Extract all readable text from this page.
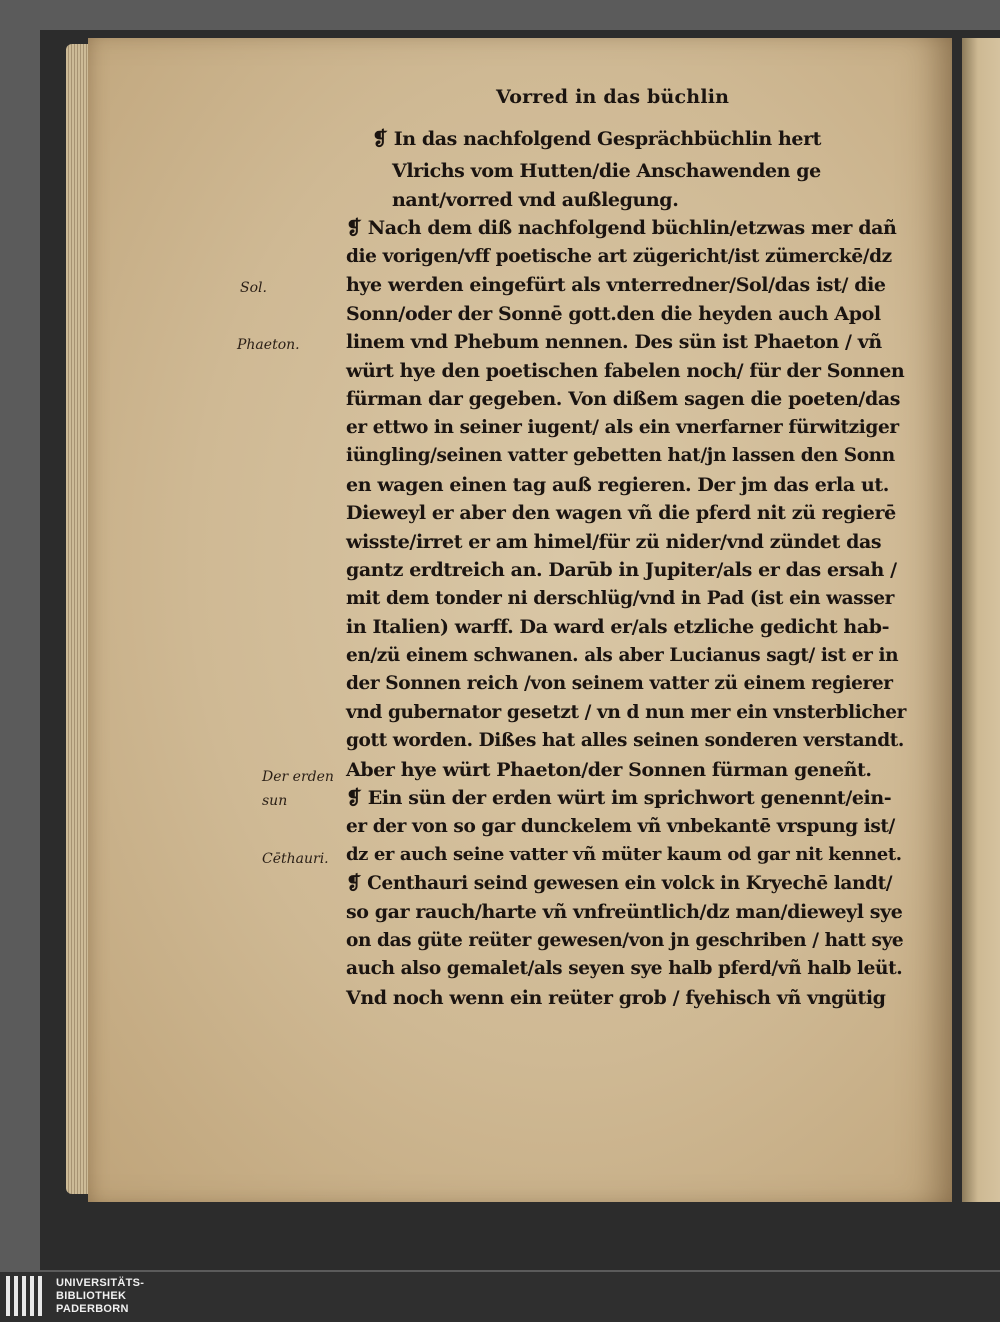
Vorred in das büchlin
❡ In das nachfolgend Gesprächbüchlin hert
Vlrichs vom Hutten/die Anschawenden ge
nant/vorred vnd außlegung.
❡ Nach dem diß nachfolgend büchlin/etzwas mer dañ
die vorigen/vff poetische art zügericht/ist zümerckē/dz
hye werden eingefürt als vnterredner/Sol/das ist/ die
Sonn/oder der Sonnē gott.den die heyden auch Apol
linem vnd Phebum nennen. Des sün ist Phaeton / vñ
würt hye den poetischen fabelen noch/ für der Sonnen
fürman dar gegeben. Von dißem sagen die poeten/das
er ettwo in seiner iugent/ als ein vnerfarner fürwitziger
iüngling/seinen vatter gebetten hat/jn lassen den Sonn
en wagen einen tag auß regieren. Der jm das erla ut.
Dieweyl er aber den wagen vñ die pferd nit zü regierē
wisste/irret er am himel/für zü nider/vnd zündet das
gantz erdtreich an. Darūb in Jupiter/als er das ersah /
mit dem tonder ni derschlüg/vnd in Pad (ist ein wasser
in Italien) warff. Da ward er/als etzliche gedicht hab-
en/zü einem schwanen. als aber Lucianus sagt/ ist er in
der Sonnen reich /von seinem vatter zü einem regierer
vnd gubernator gesetzt / vn d nun mer ein vnsterblicher
gott worden. Dißes hat alles seinen sonderen verstandt.
Aber hye würt Phaeton/der Sonnen fürman geneñt.
❡ Ein sün der erden würt im sprichwort genennt/ein-
er der von so gar dunckelem vñ vnbekantē vrspung ist/
dz er auch seine vatter vñ müter kaum od gar nit kennet.
❡ Centhauri seind gewesen ein volck in Kryechē landt/
so gar rauch/harte vñ vnfreüntlich/dz man/dieweyl sye
on das güte reüter gewesen/von jn geschriben / hatt sye
auch also gemalet/als seyen sye halb pferd/vñ halb leüt.
Vnd noch wenn ein reüter grob / fyehisch vñ vngütig
Sol.
Phaeton.
Der erden
sun
Cēthauri.
UNIVERSITÄTS-
BIBLIOTHEK
PADERBORN
